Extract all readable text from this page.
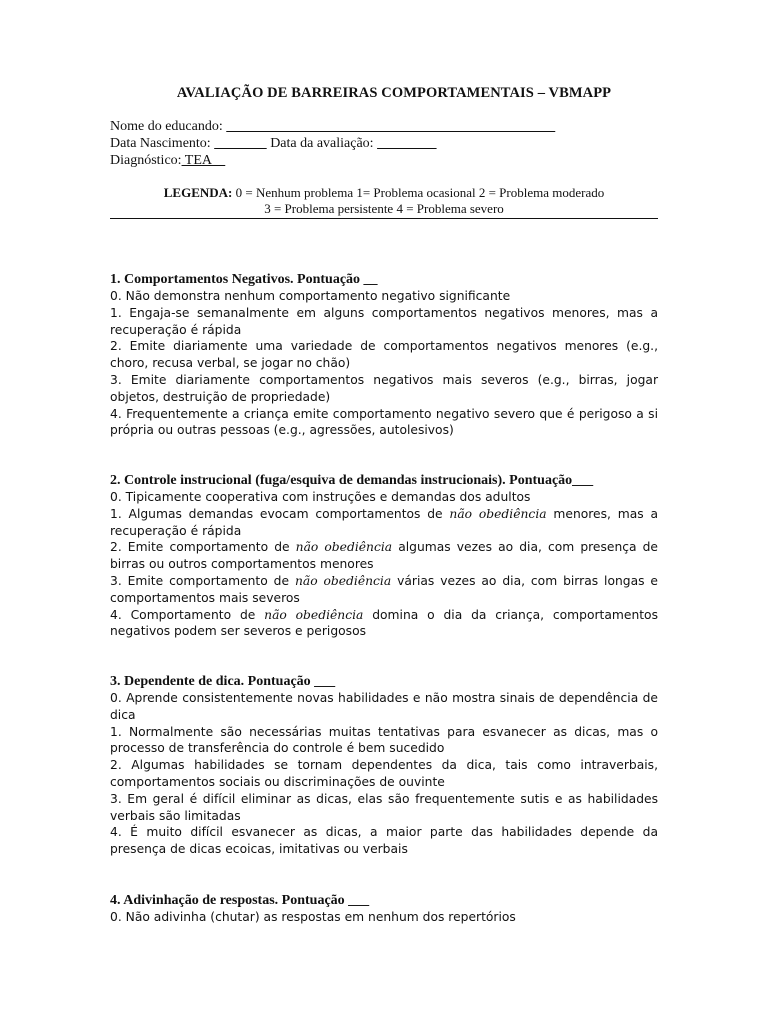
AVALIAÇÃO DE BARREIRAS COMPORTAMENTAIS – VBMAPP
Nome do educando:
Data Nascimento:	Data da avaliação:
Diagnóstico: TEA
LEGENDA: 0 = Nenhum problema 1= Problema ocasional 2 = Problema moderado
3 = Problema persistente 4 = Problema severo

1. Comportamentos Negativos. Pontuação __

0. Não demonstra nenhum comportamento negativo significante
1. Engaja-se semanalmente em alguns comportamentos negativos menores, mas a recuperação é rápida
2. Emite diariamente uma variedade de comportamentos negativos menores (e.g., choro, recusa verbal, se jogar no chão)
3. Emite diariamente comportamentos negativos mais severos (e.g., birras, jogar objetos, destruição de propriedade)
4. Frequentemente a criança emite comportamento negativo severo que é perigoso a si própria ou outras pessoas (e.g., agressões, autolesivos)

2. Controle instrucional (fuga/esquiva de demandas instrucionais). Pontuação___

0. Tipicamente cooperativa com instruções e demandas dos adultos
1. Algumas demandas evocam comportamentos de não obediência menores, mas a recuperação é rápida
2. Emite comportamento de não obediência algumas vezes ao dia, com presença de birras ou outros comportamentos menores
3. Emite comportamento de não obediência várias vezes ao dia, com birras longas e comportamentos mais severos
4. Comportamento de não obediência domina o dia da criança, comportamentos negativos podem ser severos e perigosos

3. Dependente de dica. Pontuação ___

0. Aprende consistentemente novas habilidades e não mostra sinais de dependência de dica
1. Normalmente são necessárias muitas tentativas para esvanecer as dicas, mas o processo de transferência do controle é bem sucedido
2. Algumas habilidades se tornam dependentes da dica, tais como intraverbais, comportamentos sociais ou discriminações de ouvinte
3. Em geral é difícil eliminar as dicas, elas são frequentemente sutis e as habilidades verbais são limitadas
4. É muito difícil esvanecer as dicas, a maior parte das habilidades depende da presença de dicas ecoicas, imitativas ou verbais

4. Adivinhação de respostas. Pontuação ___

0. Não adivinha (chutar) as respostas em nenhum dos repertórios
